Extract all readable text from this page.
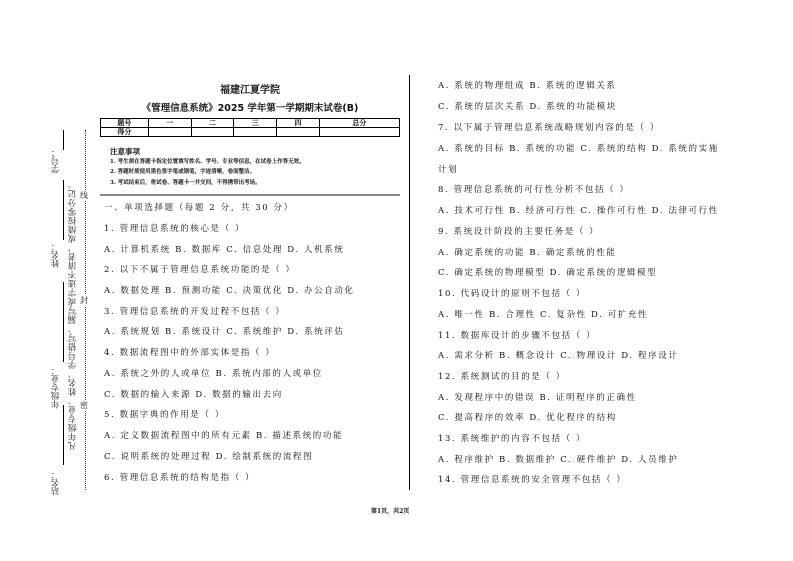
学号：
姓名：
年级专业：
站名：
凡年级专业、姓名、学号错写、漏写或字迹不清者，成绩按零分记。 密
封
线
福建江夏学院
《管理信息系统》2025 学年第一学期期末试卷(B)
题号	一	二	三	四	总分
得分					
注意事项
1. 考生须在答题卡指定位置填写姓名、学号、专业等信息，在试卷上作答无效。
2. 答题时须使用黑色签字笔或钢笔，字迹清晰，卷面整洁。
3. 考试结束后，将试卷、答题卡一并交回，不得携带出考场。
一、单项选择题（每题 2 分，共 30 分）
1. 管理信息系统的核心是（ ）
A. 计算机系统 B. 数据库 C. 信息处理 D. 人机系统
2. 以下不属于管理信息系统功能的是（ ）
A. 数据处理 B. 预测功能 C. 决策优化 D. 办公自动化
3. 管理信息系统的开发过程不包括（ ）
A. 系统规划 B. 系统设计 C. 系统维护 D. 系统评估
4. 数据流程图中的外部实体是指（ ）
A. 系统之外的人或单位 B. 系统内部的人或单位
C. 数据的输入来源 D. 数据的输出去向
5. 数据字典的作用是（ ）
A. 定义数据流程图中的所有元素 B. 描述系统的功能
C. 说明系统的处理过程 D. 绘制系统的流程图
6. 管理信息系统的结构是指（ ）
A. 系统的物理组成 B. 系统的逻辑关系
C. 系统的层次关系 D. 系统的功能模块
7. 以下属于管理信息系统战略规划内容的是（ ）
A. 系统的目标 B. 系统的功能 C. 系统的结构 D. 系统的实施
计划
8. 管理信息系统的可行性分析不包括（ ）
A. 技术可行性 B. 经济可行性 C. 操作可行性 D. 法律可行性
9. 系统设计阶段的主要任务是（ ）
A. 确定系统的功能 B. 确定系统的性能
C. 确定系统的物理模型 D. 确定系统的逻辑模型
10. 代码设计的原则不包括（ ）
A. 唯一性 B. 合理性 C. 复杂性 D. 可扩充性
11. 数据库设计的步骤不包括（ ）
A. 需求分析 B. 概念设计 C. 物理设计 D. 程序设计
12. 系统测试的目的是（ ）
A. 发现程序中的错误 B. 证明程序的正确性
C. 提高程序的效率 D. 优化程序的结构
13. 系统维护的内容不包括（ ）
A. 程序维护 B. 数据维护 C. 硬件维护 D. 人员维护
14. 管理信息系统的安全管理不包括（ ）
第1页，共2页
